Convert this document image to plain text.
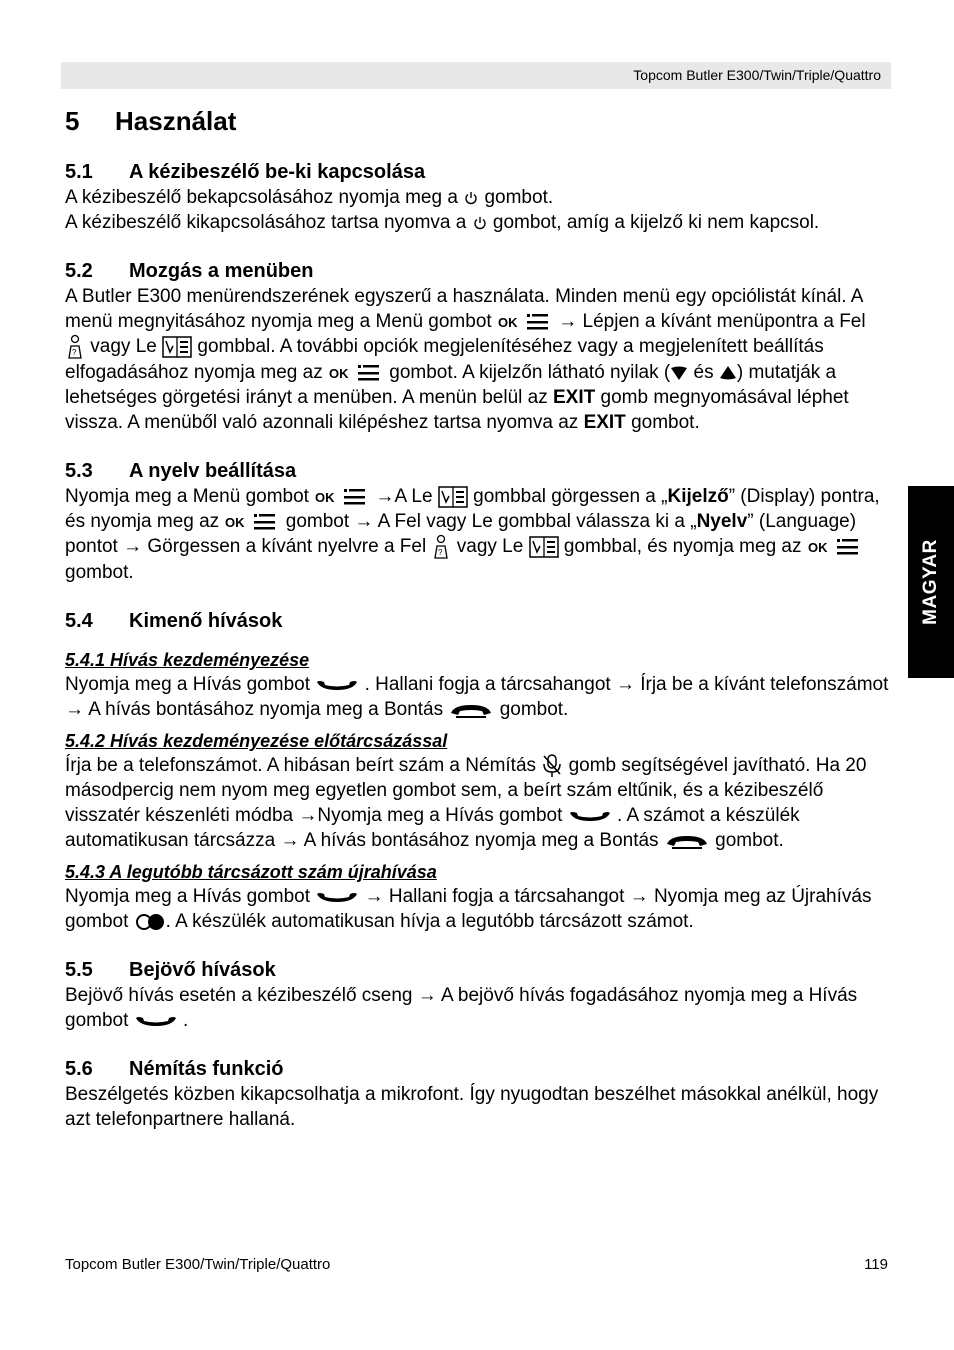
Topcom Butler E300/Twin/Triple/Quattro
MAGYAR
5	Használat
5.1	A kézibeszélő be-ki kapcsolása

A kézibeszélő bekapcsolásához nyomja meg a gombot.
A kézibeszélő kikapcsolásához tartsa nyomva a gombot, amíg a kijelző ki nem kapcsol.

5.2	Mozgás a menüben

A Butler E300 menürendszerének egyszerű a használata. Minden menü egy opciólistát kínál. A menü megnyitásához nyomja meg a Menü gombot OK → Lépjen a kívánt menüpontra a Fel
? vagy Le gombbal. A további opciók megjelenítéséhez vagy a megjelenített beállítás elfogadásához nyomja meg az OK gombot. A kijelzőn látható nyilak ( és ) mutatják a lehetséges görgetési irányt a menüben. A menün belül az EXIT gomb megnyomásával léphet vissza. A menüből való azonnali kilépéshez tartsa nyomva az EXIT gombot.

5.3	A nyelv beállítása

Nyomja meg a Menü gombot OK →A Le gombbal görgessen a „Kijelző” (Display) pontra, és nyomja meg az OK gombot → A Fel vagy Le gombbal válassza ki a „Nyelv” (Language) pontot → Görgessen a kívánt nyelvre a Fel ? vagy Le gombbal, és nyomja meg az OK
gombot.

5.4	Kimenő hívások
5.4.1 Hívás kezdeményezése

Nyomja meg a Hívás gombot	. Hallani fogja a tárcsahangot → Írja be a kívánt telefonszámot → A hívás bontásához nyomja meg a Bontás	gombot.

5.4.2 Hívás kezdeményezése előtárcsázással

Írja be a telefonszámot. A hibásan beírt szám a Némítás gomb segítségével javítható. Ha 20 másodpercig nem nyom meg egyetlen gombot sem, a beírt szám eltűnik, és a kézibeszélő visszatér készenléti módba →Nyomja meg a Hívás gombot	. A számot a készülék automatikusan tárcsázza → A hívás bontásához nyomja meg a Bontás	gombot.

5.4.3 A legutóbb tárcsázott szám újrahívása

Nyomja meg a Hívás gombot	→ Hallani fogja a tárcsahangot → Nyomja meg az Újrahívás gombot . A készülék automatikusan hívja a legutóbb tárcsázott számot.

5.5	Bejövő hívások

Bejövő hívás esetén a kézibeszélő cseng → A bejövő hívás fogadásához nyomja meg a Hívás gombot	.

5.6	Némítás funkció

Beszélgetés közben kikapcsolhatja a mikrofont. Így nyugodtan beszélhet másokkal anélkül, hogy azt telefonpartnere hallaná.

Topcom Butler E300/Twin/Triple/Quattro	119
